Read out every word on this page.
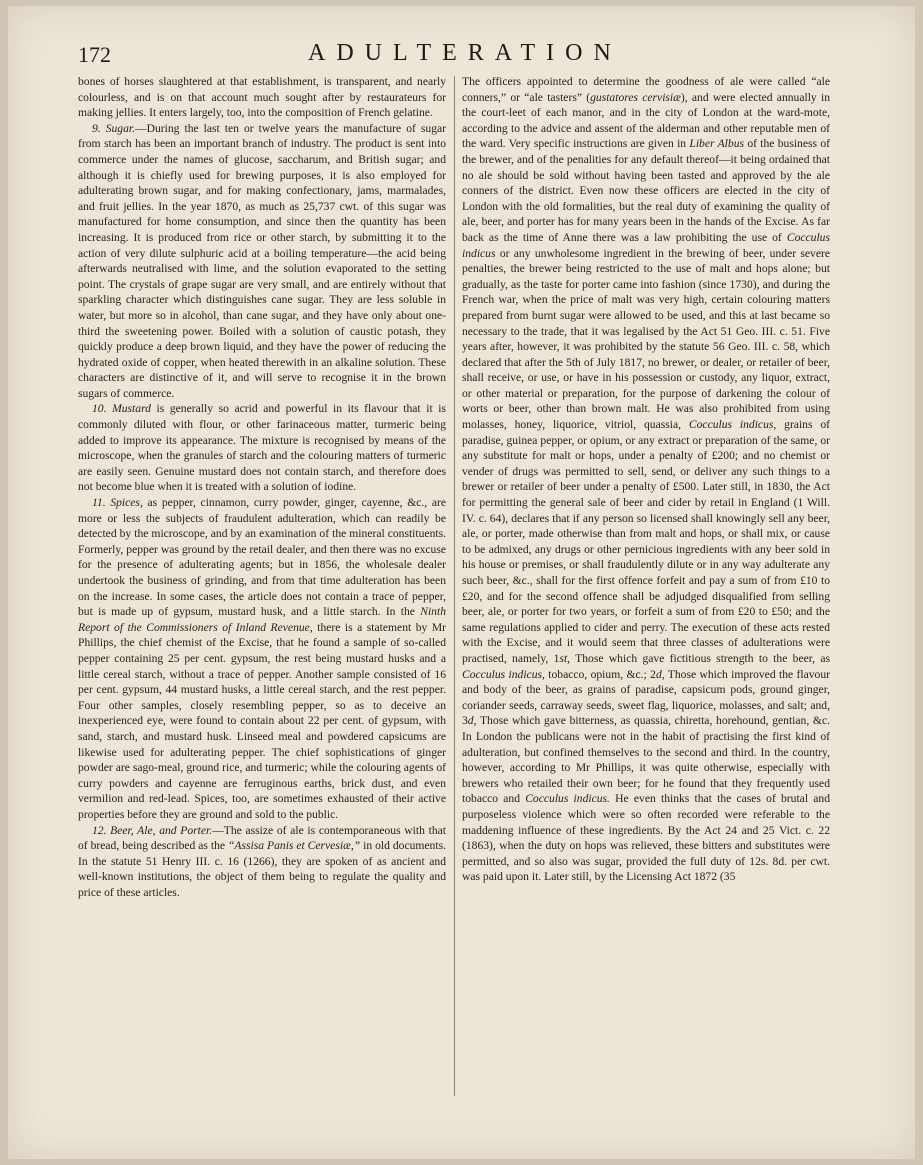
172	ADULTERATION

bones of horses slaughtered at that establishment, is transparent, and nearly colourless, and is on that account much sought after by restaurateurs for making jellies. It enters largely, too, into the composition of French gelatine.

9. Sugar.—During the last ten or twelve years the manufacture of sugar from starch has been an important branch of industry. The product is sent into commerce under the names of glucose, saccharum, and British sugar; and although it is chiefly used for brewing purposes, it is also employed for adulterating brown sugar, and for making confectionary, jams, marmalades, and fruit jellies. In the year 1870, as much as 25,737 cwt. of this sugar was manufactured for home consumption, and since then the quantity has been increasing. It is produced from rice or other starch, by submitting it to the action of very dilute sulphuric acid at a boiling temperature—the acid being afterwards neutralised with lime, and the solution evaporated to the setting point. The crystals of grape sugar are very small, and are entirely without that sparkling character which distinguishes cane sugar. They are less soluble in water, but more so in alcohol, than cane sugar, and they have only about one-third the sweetening power. Boiled with a solution of caustic potash, they quickly produce a deep brown liquid, and they have the power of reducing the hydrated oxide of copper, when heated therewith in an alkaline solution. These characters are distinctive of it, and will serve to recognise it in the brown sugars of commerce.

10. Mustard is generally so acrid and powerful in its flavour that it is commonly diluted with flour, or other farinaceous matter, turmeric being added to improve its appearance. The mixture is recognised by means of the microscope, when the granules of starch and the colouring matters of turmeric are easily seen. Genuine mustard does not contain starch, and therefore does not become blue when it is treated with a solution of iodine.

11. Spices, as pepper, cinnamon, curry powder, ginger, cayenne, &c., are more or less the subjects of fraudulent adulteration, which can readily be detected by the microscope, and by an examination of the mineral constituents. Formerly, pepper was ground by the retail dealer, and then there was no excuse for the presence of adulterating agents; but in 1856, the wholesale dealer undertook the business of grinding, and from that time adulteration has been on the increase. In some cases, the article does not contain a trace of pepper, but is made up of gypsum, mustard husk, and a little starch. In the Ninth Report of the Commissioners of Inland Revenue, there is a statement by Mr Phillips, the chief chemist of the Excise, that he found a sample of so-called pepper containing 25 per cent. gypsum, the rest being mustard husks and a little cereal starch, without a trace of pepper. Another sample consisted of 16 per cent. gypsum, 44 mustard husks, a little cereal starch, and the rest pepper. Four other samples, closely resembling pepper, so as to deceive an inexperienced eye, were found to contain about 22 per cent. of gypsum, with sand, starch, and mustard husk. Linseed meal and powdered capsicums are likewise used for adulterating pepper. The chief sophistications of ginger powder are sago-meal, ground rice, and turmeric; while the colouring agents of curry powders and cayenne are ferruginous earths, brick dust, and even vermilion and red-lead. Spices, too, are sometimes exhausted of their active properties before they are ground and sold to the public.

12. Beer, Ale, and Porter.—The assize of ale is contemporaneous with that of bread, being described as the “Assisa Panis et Cervesiæ,” in old documents. In the statute 51 Henry III. c. 16 (1266), they are spoken of as ancient and well-known institutions, the object of them being to regulate the quality and price of these articles.

The officers appointed to determine the goodness of ale were called “ale conners,” or “ale tasters” (gustatores cervisiæ), and were elected annually in the court-leet of each manor, and in the city of London at the ward-mote, according to the advice and assent of the alderman and other reputable men of the ward. Very specific instructions are given in Liber Albus of the business of the brewer, and of the penalities for any default thereof—it being ordained that no ale should be sold without having been tasted and approved by the ale conners of the district. Even now these officers are elected in the city of London with the old formalities, but the real duty of examining the quality of ale, beer, and porter has for many years been in the hands of the Excise. As far back as the time of Anne there was a law prohibiting the use of Cocculus indicus or any unwholesome ingredient in the brewing of beer, under severe penalties, the brewer being restricted to the use of malt and hops alone; but gradually, as the taste for porter came into fashion (since 1730), and during the French war, when the price of malt was very high, certain colouring matters prepared from burnt sugar were allowed to be used, and this at last became so necessary to the trade, that it was legalised by the Act 51 Geo. III. c. 51. Five years after, however, it was prohibited by the statute 56 Geo. III. c. 58, which declared that after the 5th of July 1817, no brewer, or dealer, or retailer of beer, shall receive, or use, or have in his possession or custody, any liquor, extract, or other material or preparation, for the purpose of darkening the colour of worts or beer, other than brown malt. He was also prohibited from using molasses, honey, liquorice, vitriol, quassia, Cocculus indicus, grains of paradise, guinea pepper, or opium, or any extract or preparation of the same, or any substitute for malt or hops, under a penalty of £200; and no chemist or vender of drugs was permitted to sell, send, or deliver any such things to a brewer or retailer of beer under a penalty of £500. Later still, in 1830, the Act for permitting the general sale of beer and cider by retail in England (1 Will. IV. c. 64), declares that if any person so licensed shall knowingly sell any beer, ale, or porter, made otherwise than from malt and hops, or shall mix, or cause to be admixed, any drugs or other pernicious ingredients with any beer sold in his house or premises, or shall fraudulently dilute or in any way adulterate any such beer, &c., shall for the first offence forfeit and pay a sum of from £10 to £20, and for the second offence shall be adjudged disqualified from selling beer, ale, or porter for two years, or forfeit a sum of from £20 to £50; and the same regulations applied to cider and perry. The execution of these acts rested with the Excise, and it would seem that three classes of adulterations were practised, namely, 1st, Those which gave fictitious strength to the beer, as Cocculus indicus, tobacco, opium, &c.; 2d, Those which improved the flavour and body of the beer, as grains of paradise, capsicum pods, ground ginger, coriander seeds, carraway seeds, sweet flag, liquorice, molasses, and salt; and, 3d, Those which gave bitterness, as quassia, chiretta, horehound, gentian, &c. In London the publicans were not in the habit of practising the first kind of adulteration, but confined themselves to the second and third. In the country, however, according to Mr Phillips, it was quite otherwise, especially with brewers who retailed their own beer; for he found that they frequently used tobacco and Cocculus indicus. He even thinks that the cases of brutal and purposeless violence which were so often recorded were referable to the maddening influence of these ingredients. By the Act 24 and 25 Vict. c. 22 (1863), when the duty on hops was relieved, these bitters and substitutes were permitted, and so also was sugar, provided the full duty of 12s. 8d. per cwt. was paid upon it. Later still, by the Licensing Act 1872 (35
